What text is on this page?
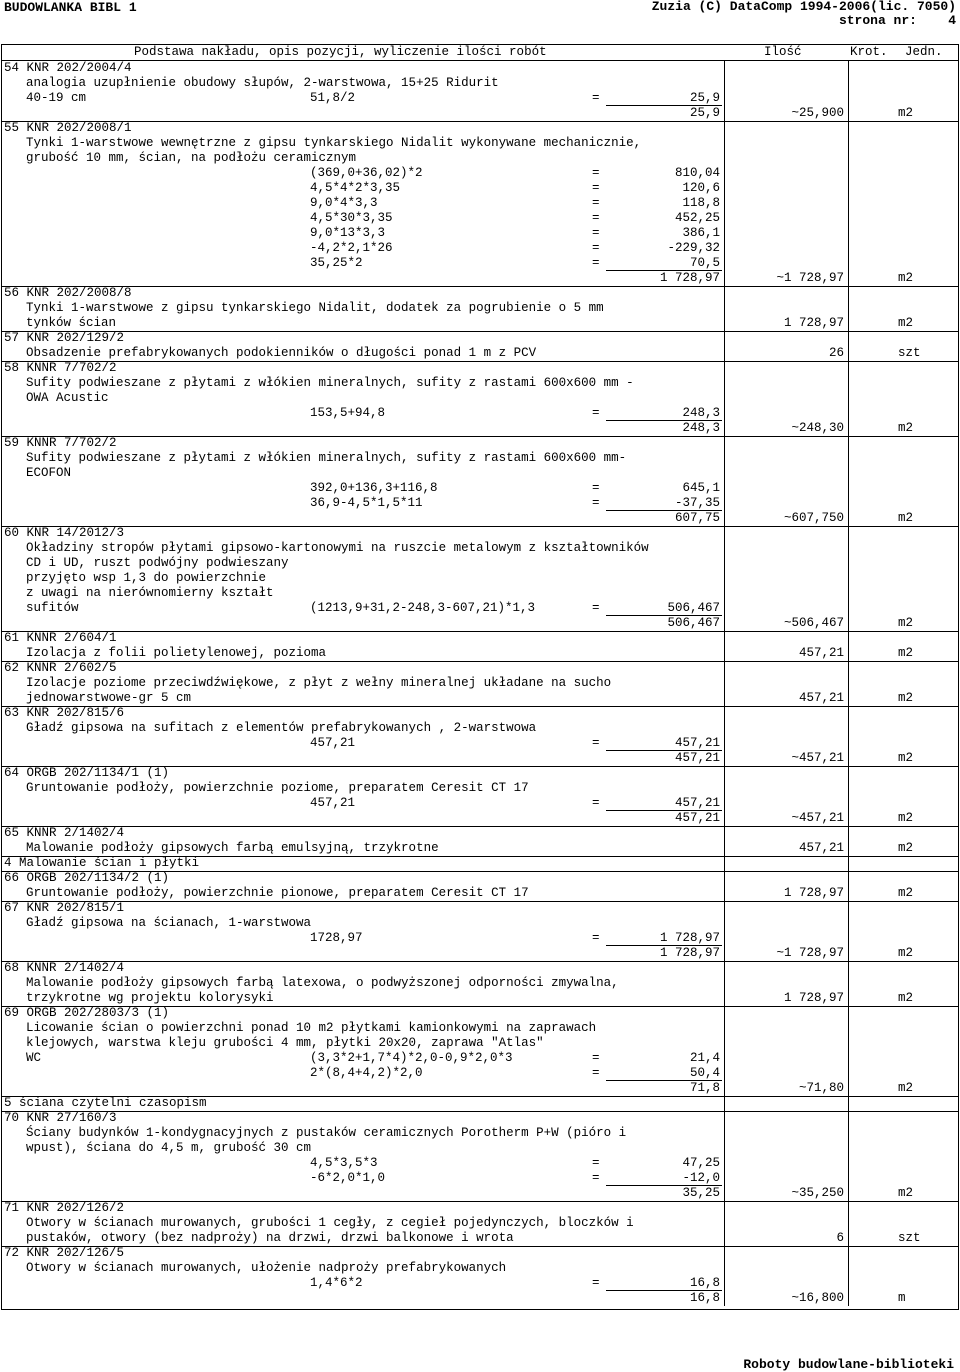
BUDOWLANKA BIBL 1	Zuzia (C) DataComp 1994-2006(lic. 7050)
strona nr: 4
Podstawa nakładu, opis pozycji, wyliczenie ilości robót	Ilość	Krot. Jedn.
54 KNR 202/2004/4
analogia uzupłnienie obudowy słupów, 2-warstwowa, 15+25 Ridurit
40-19 cm	51,8/2	=	25,9
25,9	~25,900	m2
55 KNR 202/2008/1
Tynki 1-warstwowe wewnętrzne z gipsu tynkarskiego Nidalit wykonywane mechanicznie,
grubość 10 mm, ścian, na podłożu ceramicznym
(369,0+36,02)*2	=	810,04
4,5*4*2*3,35	=	120,6
9,0*4*3,3	=	118,8
4,5*30*3,35	=	452,25
9,0*13*3,3	=	386,1
-4,2*2,1*26	=	-229,32
35,25*2	=	70,5
1 728,97	~1 728,97	m2
56 KNR 202/2008/8
Tynki 1-warstwowe z gipsu tynkarskiego Nidalit, dodatek za pogrubienie o 5 mm
tynków ścian	1 728,97	m2
57 KNR 202/129/2
Obsadzenie prefabrykowanych podokienników o długości ponad 1 m z PCV	26	szt
58 KNNR 7/702/2
Sufity podwieszane z płytami z włókien mineralnych, sufity z rastami 600x600 mm -
OWA Acustic
153,5+94,8	=	248,3
248,3	~248,30	m2
59 KNNR 7/702/2
Sufity podwieszane z płytami z włókien mineralnych, sufity z rastami 600x600 mm-
ECOFON
392,0+136,3+116,8	=	645,1
36,9-4,5*1,5*11	=	-37,35
607,75	~607,750	m2
60 KNR 14/2012/3
Okładziny stropów płytami gipsowo-kartonowymi na ruszcie metalowym z kształtowników
CD i UD, ruszt podwójny podwieszany
przyjęto wsp 1,3 do powierzchnie
z uwagi na nierównomierny kształt
sufitów	(1213,9+31,2-248,3-607,21)*1,3	=	506,467
506,467	~506,467	m2
61 KNNR 2/604/1
Izolacja z folii polietylenowej, pozioma	457,21	m2
62 KNNR 2/602/5
Izolacje poziome przeciwdźwiękowe, z płyt z wełny mineralnej układane na sucho
jednowarstwowe-gr 5 cm	457,21	m2
63 KNR 202/815/6
Gładź gipsowa na sufitach z elementów prefabrykowanych , 2-warstwowa
457,21	=	457,21
457,21	~457,21	m2
64 ORGB 202/1134/1 (1)
Gruntowanie podłoży, powierzchnie poziome, preparatem Ceresit CT 17
457,21	=	457,21
457,21	~457,21	m2
65 KNNR 2/1402/4
Malowanie podłoży gipsowych farbą emulsyjną, trzykrotne	457,21	m2
4 Malowanie ścian i płytki
66 ORGB 202/1134/2 (1)
Gruntowanie podłoży, powierzchnie pionowe, preparatem Ceresit CT 17	1 728,97	m2
67 KNR 202/815/1
Gładź gipsowa na ścianach, 1-warstwowa
1728,97	=	1 728,97
1 728,97	~1 728,97	m2
68 KNNR 2/1402/4
Malowanie podłoży gipsowych farbą latexowa, o podwyższonej odporności zmywalna,
trzykrotne wg projektu kolorysyki	1 728,97	m2
69 ORGB 202/2803/3 (1)
Licowanie ścian o powierzchni ponad 10 m2 płytkami kamionkowymi na zaprawach
klejowych, warstwa kleju grubości 4 mm, płytki 20x20, zaprawa "Atlas"
WC	(3,3*2+1,7*4)*2,0-0,9*2,0*3	=	21,4
2*(8,4+4,2)*2,0	=	50,4
71,8	~71,80	m2
5 ściana czytelni czasopism
70 KNR 27/160/3
Ściany budynków 1-kondygnacyjnych z pustaków ceramicznych Porotherm P+W (pióro i
wpust), ściana do 4,5 m, grubość 30 cm
4,5*3,5*3	=	47,25
-6*2,0*1,0	=	-12,0
35,25	~35,250	m2
71 KNR 202/126/2
Otwory w ścianach murowanych, grubości 1 cegły, z cegieł pojedynczych, bloczków i
pustaków, otwory (bez nadproży) na drzwi, drzwi balkonowe i wrota	6	szt
72 KNR 202/126/5
Otwory w ścianach murowanych, ułożenie nadproży prefabrykowanych
1,4*6*2	=	16,8
16,8	~16,800	m
Roboty budowlane-biblioteki
